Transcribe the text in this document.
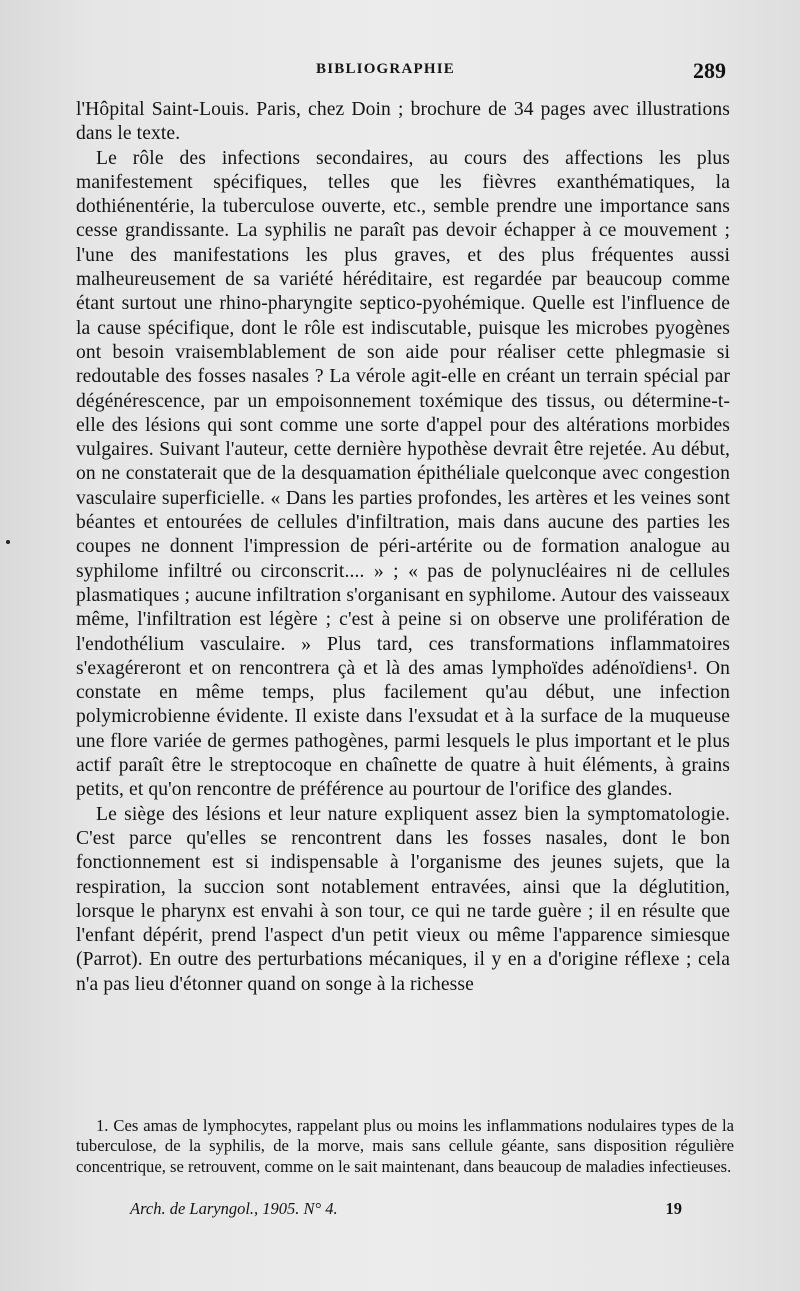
BIBLIOGRAPHIE	289

l'Hôpital Saint-Louis. Paris, chez Doin ; brochure de 34 pages avec illustrations dans le texte.

Le rôle des infections secondaires, au cours des affections les plus manifestement spécifiques, telles que les fièvres exanthématiques, la dothiénentérie, la tuberculose ouverte, etc., semble prendre une importance sans cesse grandissante. La syphilis ne paraît pas devoir échapper à ce mouvement ; l'une des manifestations les plus graves, et des plus fréquentes aussi malheureusement de sa variété héréditaire, est regardée par beaucoup comme étant surtout une rhino-pharyngite septico-pyohémique. Quelle est l'influence de la cause spécifique, dont le rôle est indiscutable, puisque les microbes pyogènes ont besoin vraisemblablement de son aide pour réaliser cette phlegmasie si redoutable des fosses nasales ? La vérole agit-elle en créant un terrain spécial par dégénérescence, par un empoisonnement toxémique des tissus, ou détermine-t-elle des lésions qui sont comme une sorte d'appel pour des altérations morbides vulgaires. Suivant l'auteur, cette dernière hypothèse devrait être rejetée. Au début, on ne constaterait que de la desquamation épithéliale quelconque avec congestion vasculaire superficielle. « Dans les parties profondes, les artères et les veines sont béantes et entourées de cellules d'infiltration, mais dans aucune des parties les coupes ne donnent l'impression de péri-artérite ou de formation analogue au syphilome infiltré ou circonscrit.... » ; « pas de polynucléaires ni de cellules plasmatiques ; aucune infiltration s'organisant en syphilome. Autour des vaisseaux même, l'infiltration est légère ; c'est à peine si on observe une prolifération de l'endothélium vasculaire. » Plus tard, ces transformations inflammatoires s'exagéreront et on rencontrera çà et là des amas lymphoïdes adénoïdiens¹. On constate en même temps, plus facilement qu'au début, une infection polymicrobienne évidente. Il existe dans l'exsudat et à la surface de la muqueuse une flore variée de germes pathogènes, parmi lesquels le plus important et le plus actif paraît être le streptocoque en chaînette de quatre à huit éléments, à grains petits, et qu'on rencontre de préférence au pourtour de l'orifice des glandes.

Le siège des lésions et leur nature expliquent assez bien la symptomatologie. C'est parce qu'elles se rencontrent dans les fosses nasales, dont le bon fonctionnement est si indispensable à l'organisme des jeunes sujets, que la respiration, la succion sont notablement entravées, ainsi que la déglutition, lorsque le pharynx est envahi à son tour, ce qui ne tarde guère ; il en résulte que l'enfant dépérit, prend l'aspect d'un petit vieux ou même l'apparence simiesque (Parrot). En outre des perturbations mécaniques, il y en a d'origine réflexe ; cela n'a pas lieu d'étonner quand on songe à la richesse

1. Ces amas de lymphocytes, rappelant plus ou moins les inflammations nodulaires types de la tuberculose, de la syphilis, de la morve, mais sans cellule géante, sans disposition régulière concentrique, se retrouvent, comme on le sait maintenant, dans beaucoup de maladies infectieuses.

Arch. de Laryngol., 1905. N° 4.	19
